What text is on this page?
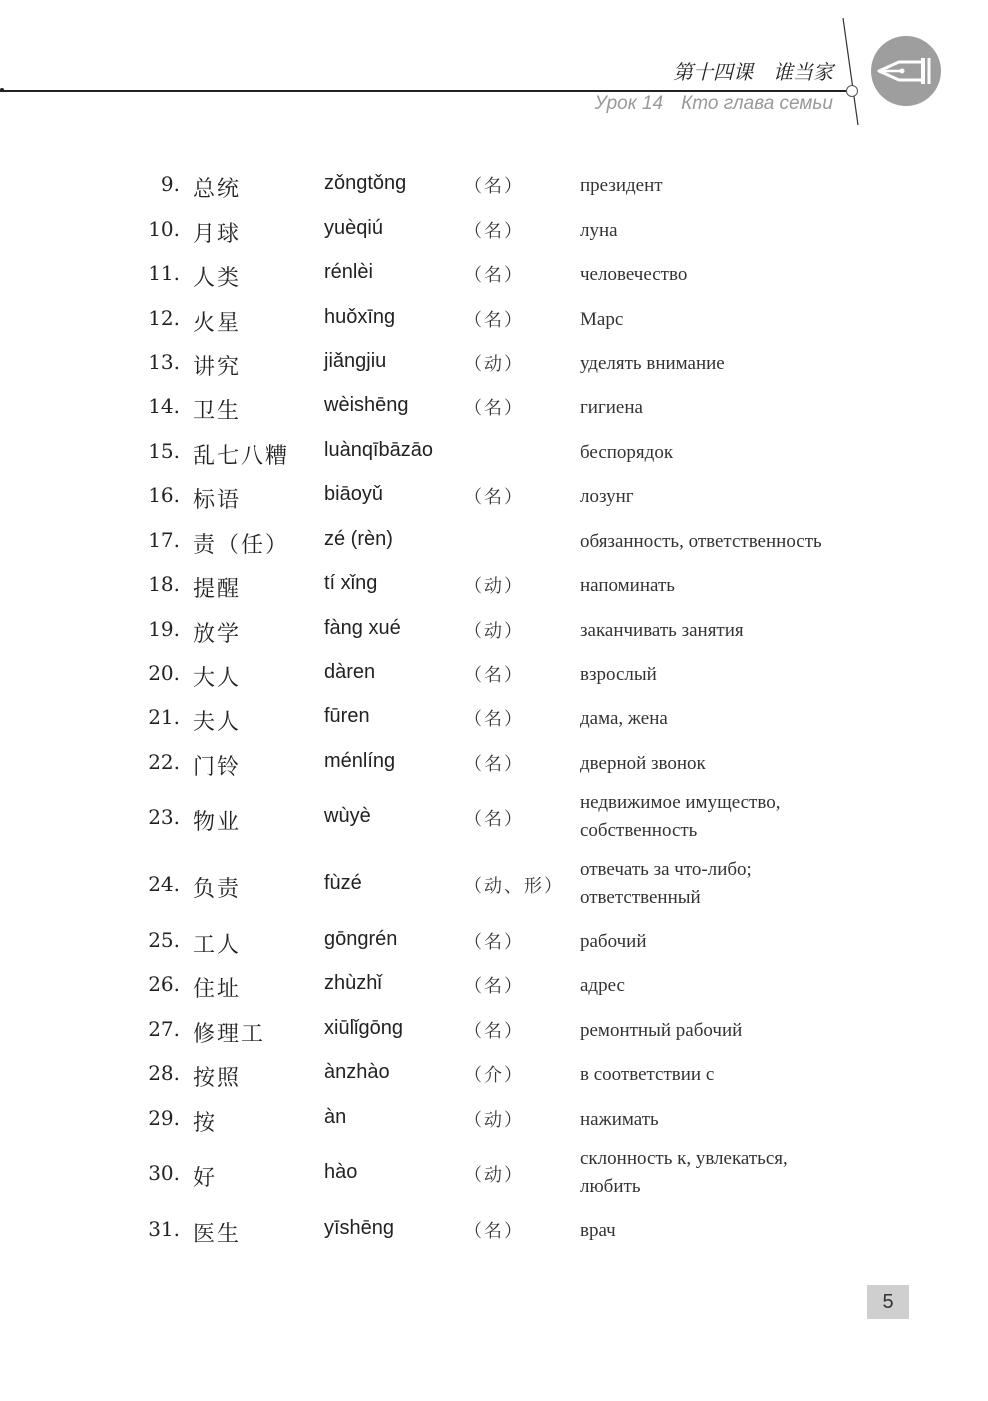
第十四课　谁当家
Урок 14 Кто глава семьи
9. 总统	zǒngtǒng	（名）	президент
10. 月球	yuèqiú	（名）	луна
11. 人类	rénlèi	（名）	человечество
12. 火星	huǒxīng	（名）	Марс
13. 讲究	jiǎngjiu	（动）	уделять внимание
14. 卫生	wèishēng	（名）	гигиена
15. 乱七八糟 luànqībāzāo	беспорядок
16. 标语	biāoyǔ	（名）	лозунг
17. 责（任） zé (rèn)	обязанность, ответственность
18. 提醒	tí xǐng	（动）	напоминать
19. 放学	fàng xué	（动）	заканчивать занятия
20. 大人	dàren	（名）	взрослый
21. 夫人	fūren	（名）	дама, жена
22. 门铃	ménlíng	（名）	дверной звонок
23. 物业	wùyè	（名）
недвижимое имущество, собственность
24. 负责	fùzé	（动、形）
отвечать за что-либо; ответственный
25. 工人	gōngrén	（名）	рабочий
26. 住址	zhùzhǐ	（名）	адрес
27. 修理工	xiūlǐgōng	（名）	ремонтный рабочий
28. 按照	ànzhào	（介）	в соответствии с
29. 按	àn	（动）	нажимать
30. 好	hào	（动）
склонность к, увлекаться, любить
31. 医生	yīshēng	（名）	врач
5
